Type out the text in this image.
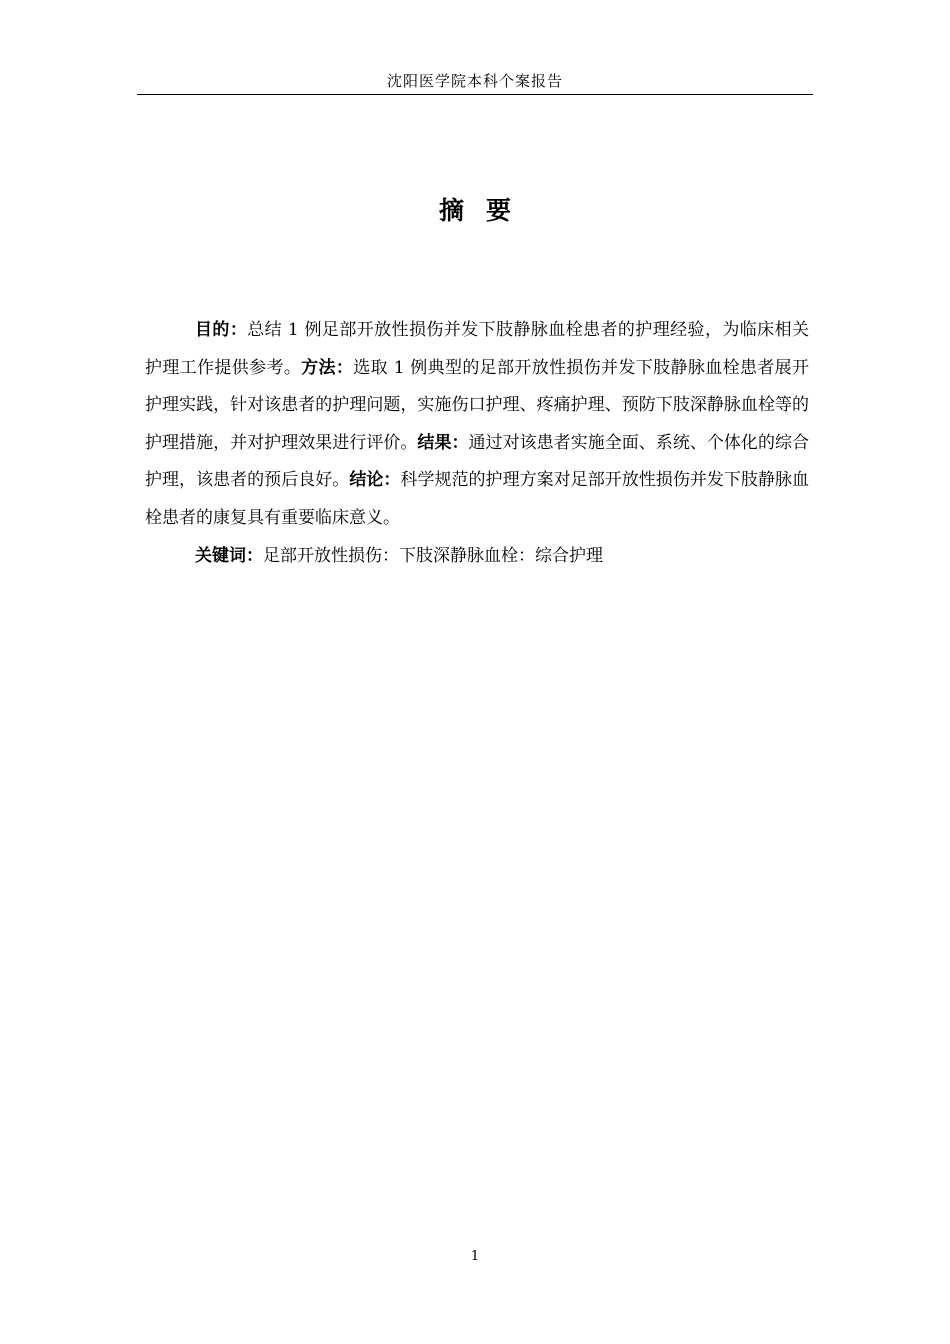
沈阳医学院本科个案报告
摘 要

目的：总结 1 例足部开放性损伤并发下肢静脉血栓患者的护理经验，为临床相关护理工作提供参考。方法：选取 1 例典型的足部开放性损伤并发下肢静脉血栓患者展开护理实践，针对该患者的护理问题，实施伤口护理、疼痛护理、预防下肢深静脉血栓等的护理措施，并对护理效果进行评价。结果：通过对该患者实施全面、系统、个体化的综合护理，该患者的预后良好。结论：科学规范的护理方案对足部开放性损伤并发下肢静脉血栓患者的康复具有重要临床意义。

关键词：足部开放性损伤：下肢深静脉血栓：综合护理

1
